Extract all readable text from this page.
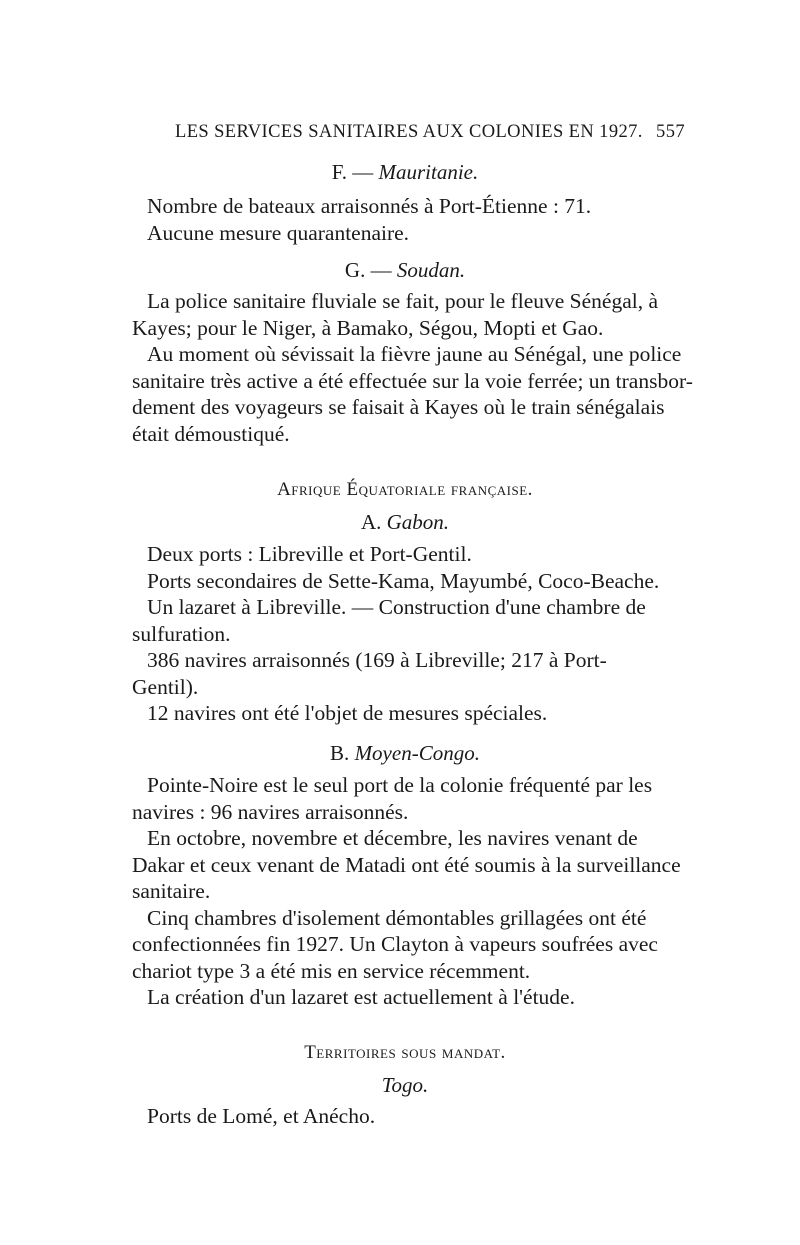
LES SERVICES SANITAIRES AUX COLONIES EN 1927. 557
F. — Mauritanie.

Nombre de bateaux arraisonnés à Port-Étienne : 71.

Aucune mesure quarantenaire.

G. — Soudan.

La police sanitaire fluviale se fait, pour le fleuve Sénégal, à

Kayes; pour le Niger, à Bamako, Ségou, Mopti et Gao.

Au moment où sévissait la fièvre jaune au Sénégal, une police

sanitaire très active a été effectuée sur la voie ferrée; un transbor-
dement des voyageurs se faisait à Kayes où le train sénégalais
était démoustiqué.
Afrique Équatoriale française.
A. Gabon.

Deux ports : Libreville et Port-Gentil.

Ports secondaires de Sette-Kama, Mayumbé, Coco-Beache.

Un lazaret à Libreville. — Construction d'une chambre de

sulfuration.

386 navires arraisonnés (169 à Libreville; 217 à Port-

Gentil).

12 navires ont été l'objet de mesures spéciales.

B. Moyen-Congo.

Pointe-Noire est le seul port de la colonie fréquenté par les

navires : 96 navires arraisonnés.

En octobre, novembre et décembre, les navires venant de

Dakar et ceux venant de Matadi ont été soumis à la surveillance
sanitaire.

Cinq chambres d'isolement démontables grillagées ont été

confectionnées fin 1927. Un Clayton à vapeurs soufrées avec
chariot type 3 a été mis en service récemment.

La création d'un lazaret est actuellement à l'étude.

Territoires sous mandat.
Togo.

Ports de Lomé, et Anécho.
